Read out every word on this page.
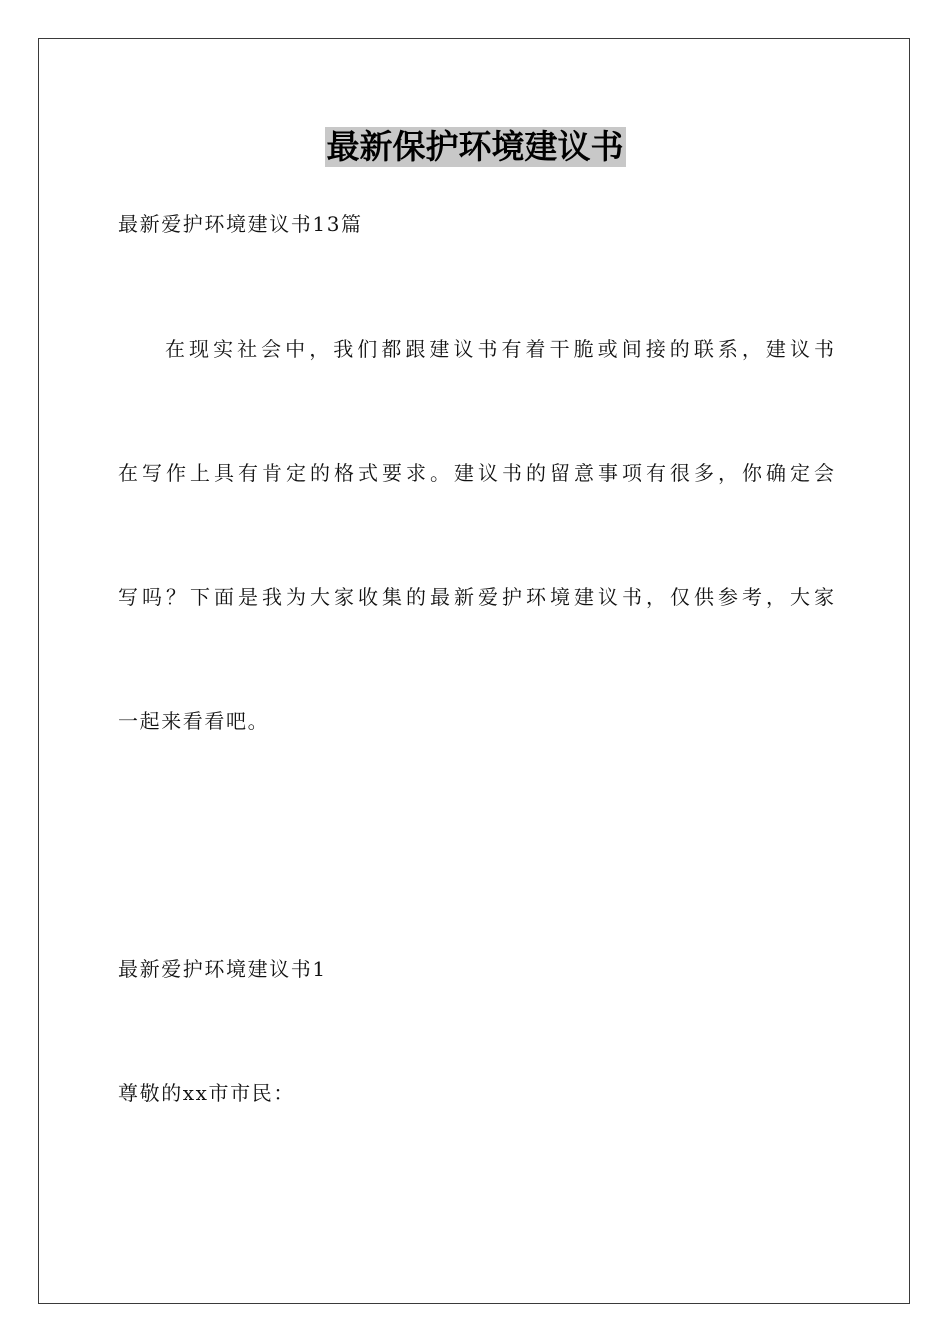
最新保护环境建议书
最新爱护环境建议书13篇
在现实社会中，我们都跟建议书有着干脆或间接的联系，建议书
在写作上具有肯定的格式要求。建议书的留意事项有很多，你确定会
写吗？下面是我为大家收集的最新爱护环境建议书，仅供参考，大家
一起来看看吧。
最新爱护环境建议书1
尊敬的xx市市民：
